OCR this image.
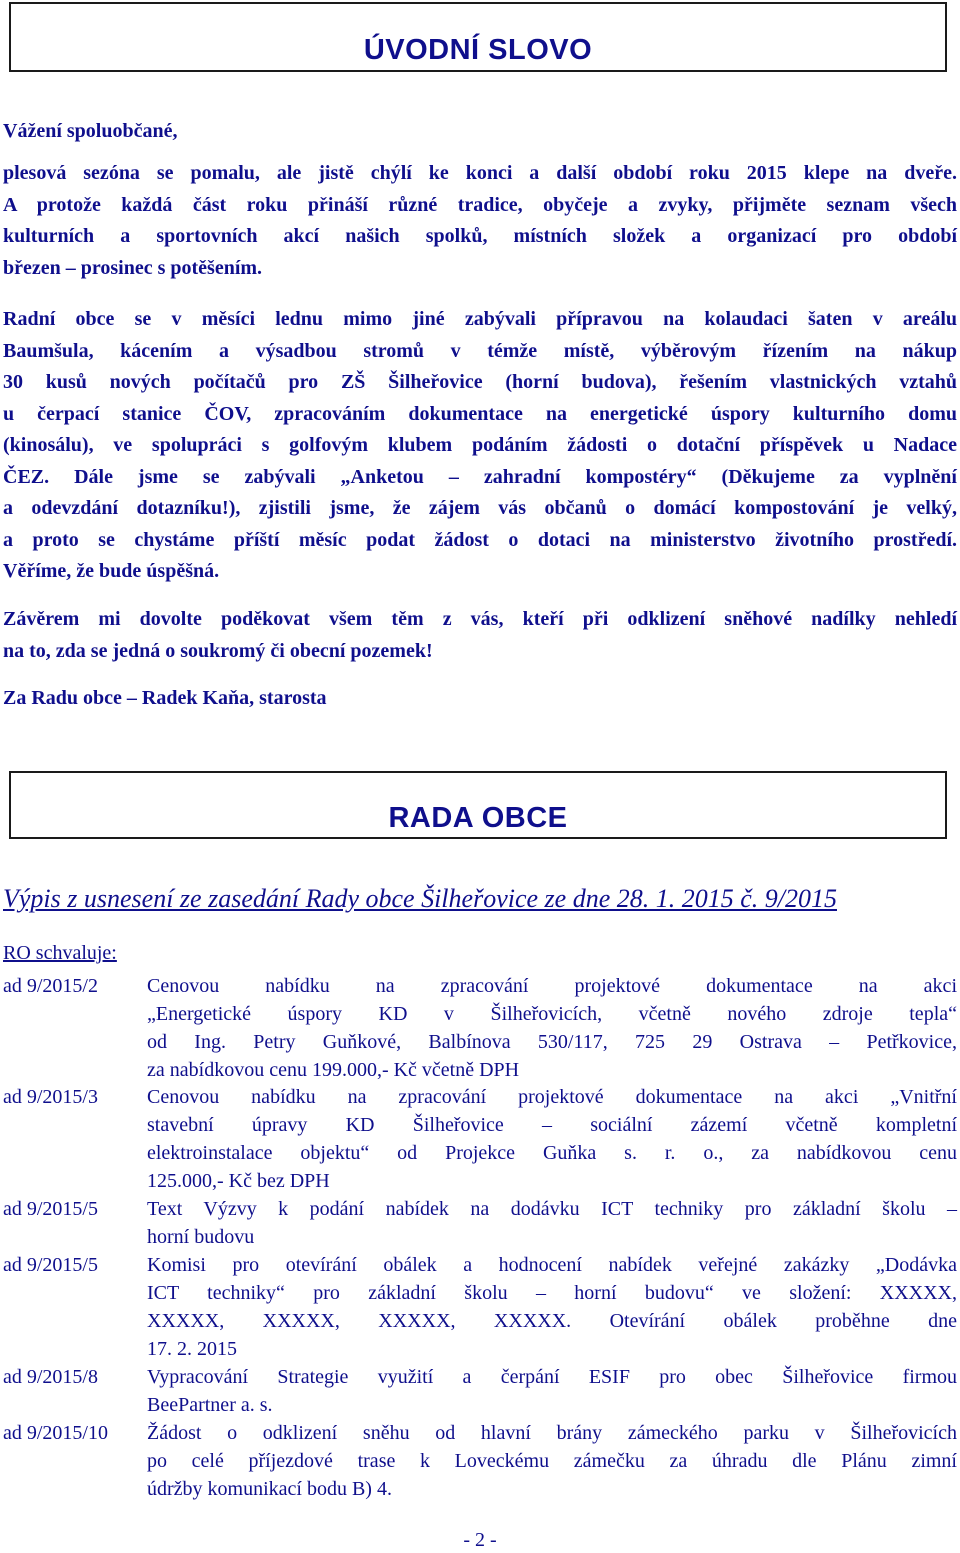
ÚVODNÍ SLOVO
Vážení spoluobčané,
plesová sezóna se pomalu, ale jistě chýlí ke konci a další období roku 2015 klepe na dveře.
A protože každá část roku přináší různé tradice, obyčeje a zvyky, přijměte seznam všech
kulturních a sportovních akcí našich spolků, místních složek a organizací pro období
březen – prosinec s potěšením.
Radní obce se v měsíci lednu mimo jiné zabývali přípravou na kolaudaci šaten v areálu
Baumšula, kácením a výsadbou stromů v témže místě, výběrovým řízením na nákup
30 kusů nových počítačů pro ZŠ Šilheřovice (horní budova), řešením vlastnických vztahů
u čerpací stanice ČOV, zpracováním dokumentace na energetické úspory kulturního domu
(kinosálu), ve spolupráci s golfovým klubem podáním žádosti o dotační příspěvek u Nadace
ČEZ. Dále jsme se zabývali „Anketou – zahradní kompostéry“ (Děkujeme za vyplnění
a odevzdání dotazníku!), zjistili jsme, že zájem vás občanů o domácí kompostování je velký,
a proto se chystáme příští měsíc podat žádost o dotaci na ministerstvo životního prostředí.
Věříme, že bude úspěšná.
Závěrem mi dovolte poděkovat všem těm z vás, kteří při odklizení sněhové nadílky nehledí
na to, zda se jedná o soukromý či obecní pozemek!
Za Radu obce – Radek Kaňa, starosta
RADA OBCE
Výpis z usnesení ze zasedání Rady obce Šilheřovice ze dne 28. 1. 2015 č. 9/2015
RO schvaluje:
ad 9/2015/2 Cenovou nabídku na zpracování projektové dokumentace na akci
„Energetické úspory KD v Šilheřovicích, včetně nového zdroje tepla“
od Ing. Petry Guňkové, Balbínova 530/117, 725 29 Ostrava – Petřkovice,
za nabídkovou cenu 199.000,- Kč včetně DPH
ad 9/2015/3 Cenovou nabídku na zpracování projektové dokumentace na akci „Vnitřní
stavební úpravy KD Šilheřovice – sociální zázemí včetně kompletní
elektroinstalace objektu“ od Projekce Guňka s. r. o., za nabídkovou cenu
125.000,- Kč bez DPH
ad 9/2015/5 Text Výzvy k podání nabídek na dodávku ICT techniky pro základní školu –
horní budovu
ad 9/2015/5 Komisi pro otevírání obálek a hodnocení nabídek veřejné zakázky „Dodávka
ICT techniky“ pro základní školu – horní budovu“ ve složení: XXXXX,
XXXXX, XXXXX, XXXXX, XXXXX. Otevírání obálek proběhne dne
17. 2. 2015
ad 9/2015/8 Vypracování Strategie využití a čerpání ESIF pro obec Šilheřovice firmou
BeePartner a. s.
ad 9/2015/10 Žádost o odklizení sněhu od hlavní brány zámeckého parku v Šilheřovicích
po celé příjezdové trase k Loveckému zámečku za úhradu dle Plánu zimní
údržby komunikací bodu B) 4.
- 2 -
